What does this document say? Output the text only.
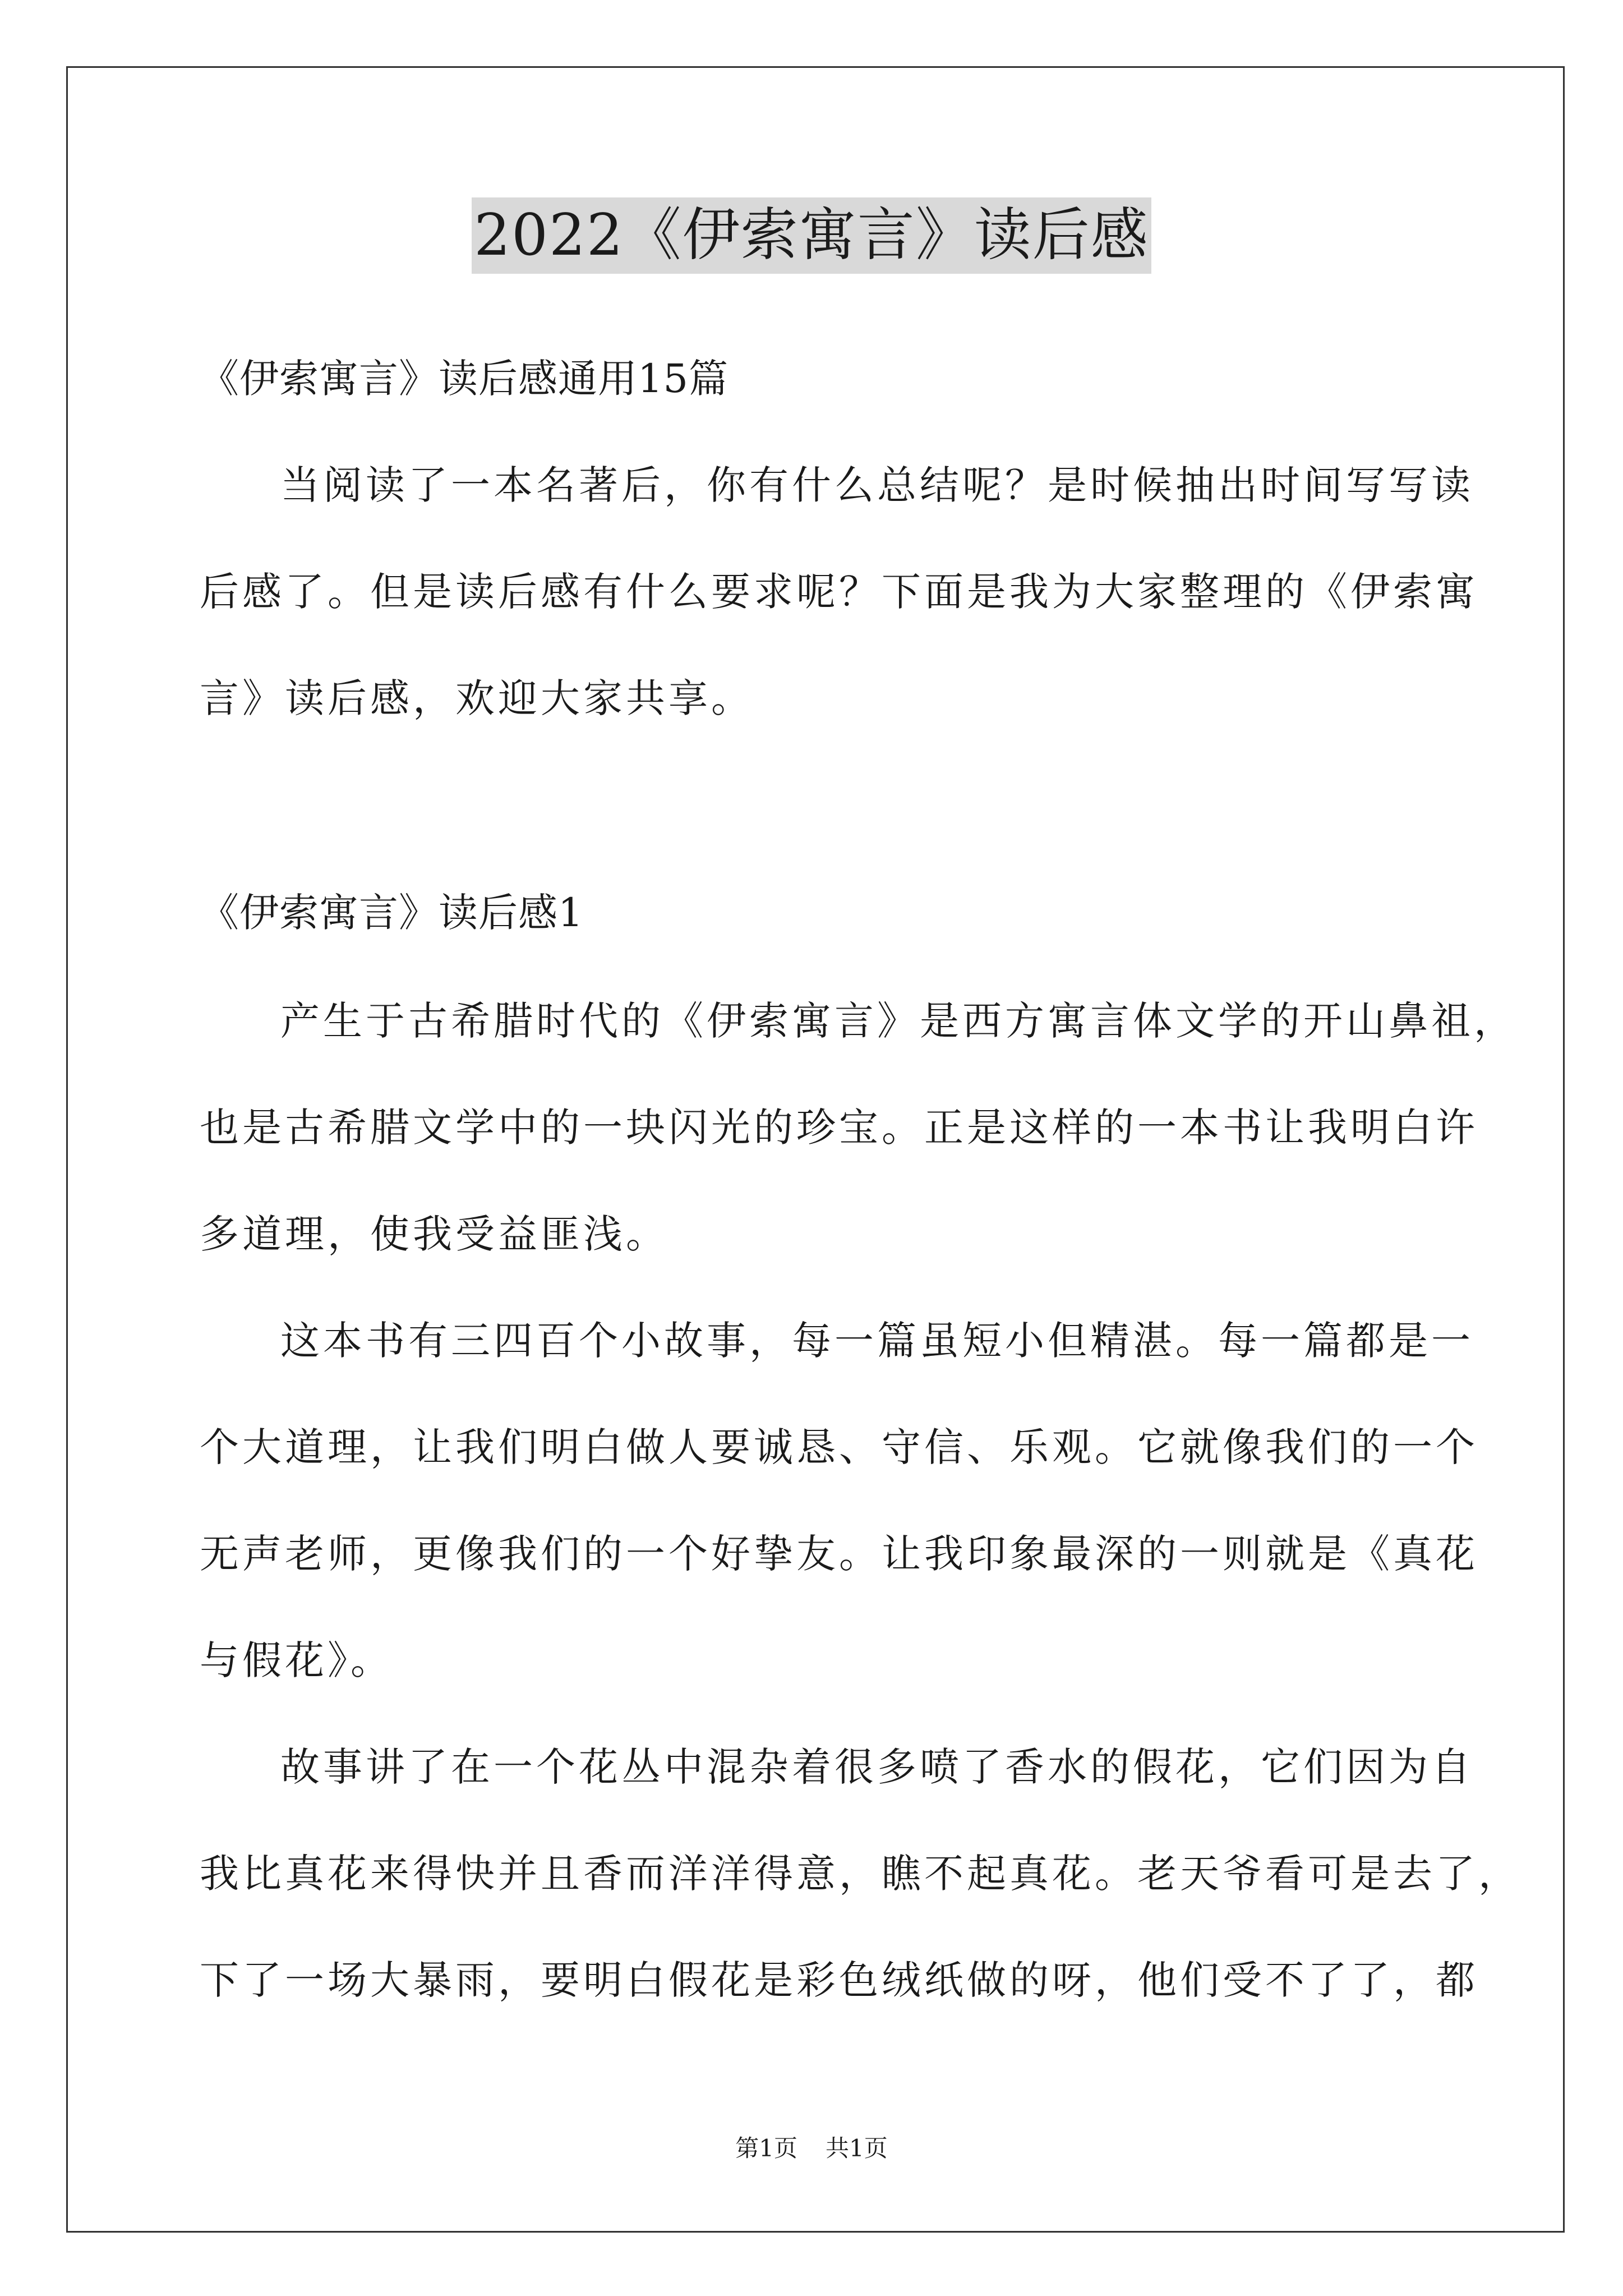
2022《伊索寓言》读后感
《伊索寓言》读后感通用15篇
当阅读了一本名著后，你有什么总结呢？是时候抽出时间写写读
后感了。但是读后感有什么要求呢？下面是我为大家整理的《伊索寓
言》读后感，欢迎大家共享。
《伊索寓言》读后感1
产生于古希腊时代的《伊索寓言》是西方寓言体文学的开山鼻祖，
也是古希腊文学中的一块闪光的珍宝。正是这样的一本书让我明白许
多道理，使我受益匪浅。
这本书有三四百个小故事，每一篇虽短小但精湛。每一篇都是一
个大道理，让我们明白做人要诚恳、守信、乐观。它就像我们的一个
无声老师，更像我们的一个好挚友。让我印象最深的一则就是《真花
与假花》。
故事讲了在一个花丛中混杂着很多喷了香水的假花，它们因为自
我比真花来得快并且香而洋洋得意，瞧不起真花。老天爷看可是去了，
下了一场大暴雨，要明白假花是彩色绒纸做的呀，他们受不了了，都
第1页 共1页
